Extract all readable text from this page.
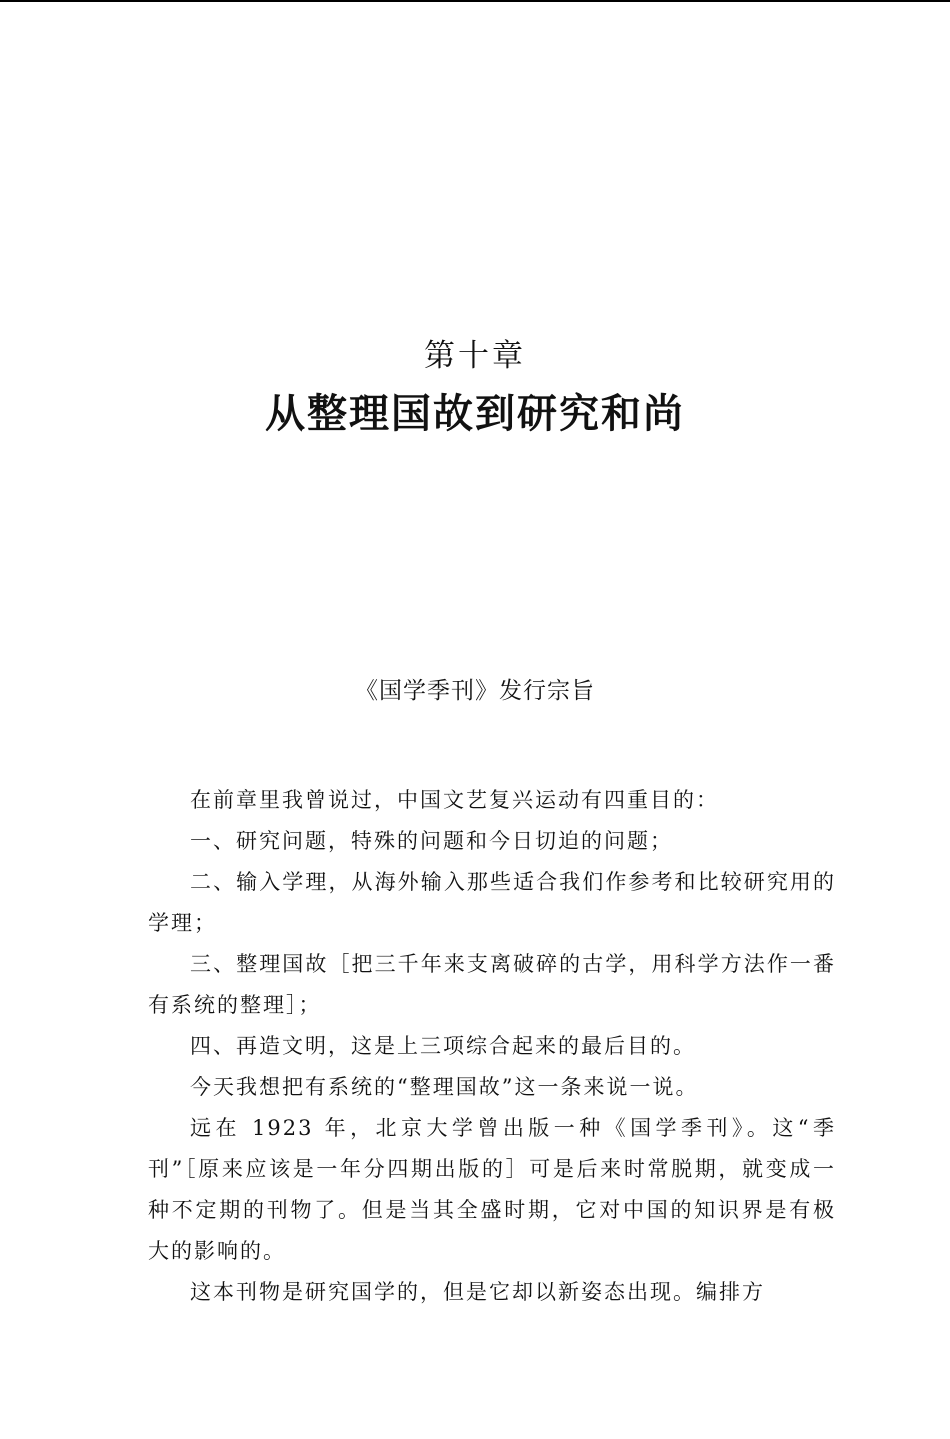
第十章
从整理国故到研究和尚
《国学季刊》发行宗旨

在前章里我曾说过，中国文艺复兴运动有四重目的：

一、研究问题，特殊的问题和今日切迫的问题；

二、输入学理，从海外输入那些适合我们作参考和比较研究用的学理；

三、整理国故［把三千年来支离破碎的古学，用科学方法作一番有系统的整理］；

四、再造文明，这是上三项综合起来的最后目的。

今天我想把有系统的“整理国故”这一条来说一说。

远在 1923 年，北京大学曾出版一种《国学季刊》。这“季刊”［原来应该是一年分四期出版的］可是后来时常脱期，就变成一种不定期的刊物了。但是当其全盛时期，它对中国的知识界是有极大的影响的。

这本刊物是研究国学的，但是它却以新姿态出现。编排方
